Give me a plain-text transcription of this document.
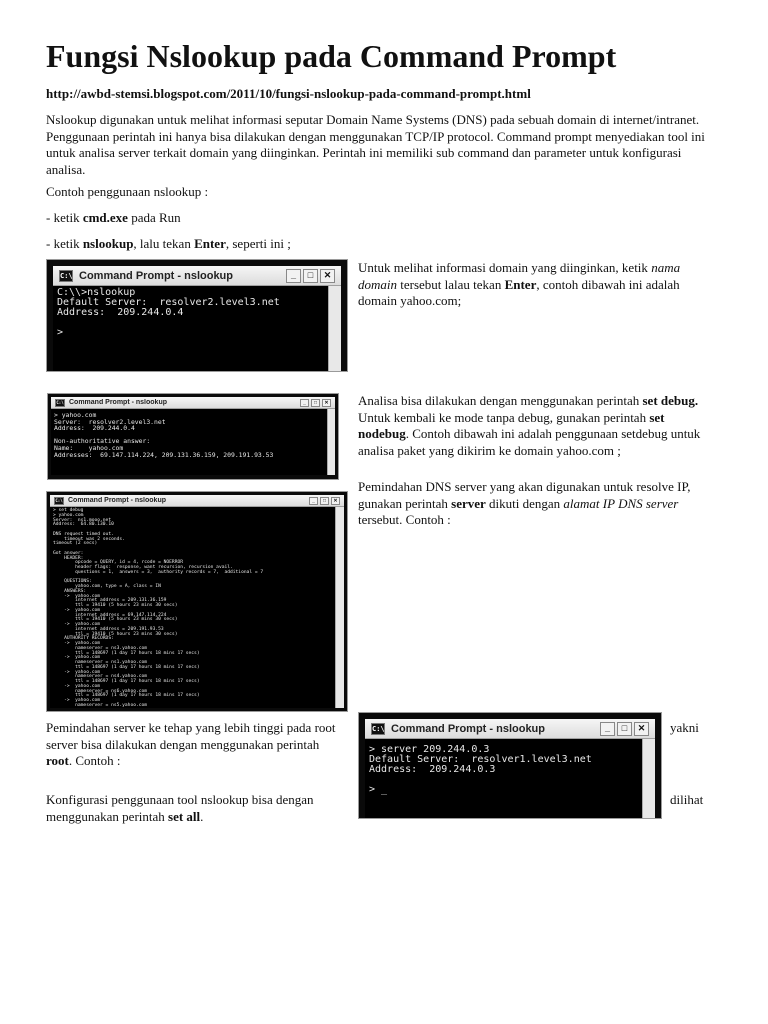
Fungsi Nslookup pada Command Prompt
http://awbd-stemsi.blogspot.com/2011/10/fungsi-nslookup-pada-command-prompt.html
Nslookup digunakan untuk melihat informasi seputar Domain Name Systems (DNS) pada sebuah domain di internet/intranet. Penggunaan perintah ini hanya bisa dilakukan dengan menggunakan TCP/IP protocol. Command prompt menyediakan tool ini untuk analisa server terkait domain yang diinginkan. Perintah ini memiliki sub command dan parameter untuk konfigurasi analisa.
Contoh penggunaan nslookup :
- ketik cmd.exe pada Run
- ketik nslookup, lalu tekan Enter, seperti ini ;
C:\ Command Prompt - nslookup	_	□	✕
C:\\>nslookup
Default Server:  resolver2.level3.net
Address:  209.244.0.4

>
Untuk melihat informasi domain yang diinginkan, ketik nama domain tersebut lalau tekan Enter, contoh dibawah ini adalah domain yahoo.com;
C:\ Command Prompt - nslookup	_	□	✕
> yahoo.com
Server:  resolver2.level3.net
Address:  209.244.0.4

Non-authoritative answer:
Name:    yahoo.com
Addresses:  69.147.114.224, 209.131.36.159, 209.191.93.53
Analisa bisa dilakukan dengan menggunakan perintah set debug. Untuk kembali ke mode tanpa debug, gunakan perintah set nodebug. Contoh dibawah ini adalah penggunaan setdebug untuk analisa paket yang dikirim ke domain yahoo.com ;
C:\ Command Prompt - nslookup	_	□	✕
> set debug
> yahoo.com
Server:  ns1.mooo.net
Address:  64.80.130.10

DNS request timed out.
timeout was 2 seconds.
timeout (2 secs)

Got answer:
HEADER:
opcode = QUERY, id = 4, rcode = NOERROR
header flags:  response, want recursion, recursion avail.
questions = 1,  answers = 3,  authority records = 7,  additional = 7

QUESTIONS:
yahoo.com, type = A, class = IN
ANSWERS:
->  yahoo.com
internet address = 209.131.36.159
ttl = 19410 (5 hours 23 mins 30 secs)
->  yahoo.com
internet address = 69.147.114.224
ttl = 19410 (5 hours 23 mins 30 secs)
->  yahoo.com
internet address = 209.191.93.53
ttl = 19410 (5 hours 23 mins 30 secs)
AUTHORITY RECORDS:
->  yahoo.com
nameserver = ns3.yahoo.com
ttl = 148697 (1 day 17 hours 18 mins 17 secs)
->  yahoo.com
nameserver = ns1.yahoo.com
ttl = 148697 (1 day 17 hours 18 mins 17 secs)
->  yahoo.com
nameserver = ns4.yahoo.com
ttl = 148697 (1 day 17 hours 18 mins 17 secs)
->  yahoo.com
nameserver = ns6.yahoo.com
ttl = 148697 (1 day 17 hours 18 mins 17 secs)
->  yahoo.com
nameserver = ns5.yahoo.com
Pemindahan DNS server yang akan digunakan untuk resolve IP, gunakan perintah server dikuti dengan alamat IP DNS server tersebut. Contoh :
Pemindahan server ke tehap yang lebih tinggi pada root server bisa dilakukan dengan menggunakan perintah root. Contoh :
yakni
C:\ Command Prompt - nslookup	_	□	✕
> server 209.244.0.3
Default Server:  resolver1.level3.net
Address:  209.244.0.3

> _
Konfigurasi penggunaan tool nslookup bisa dengan menggunakan perintah set all.
dilihat
